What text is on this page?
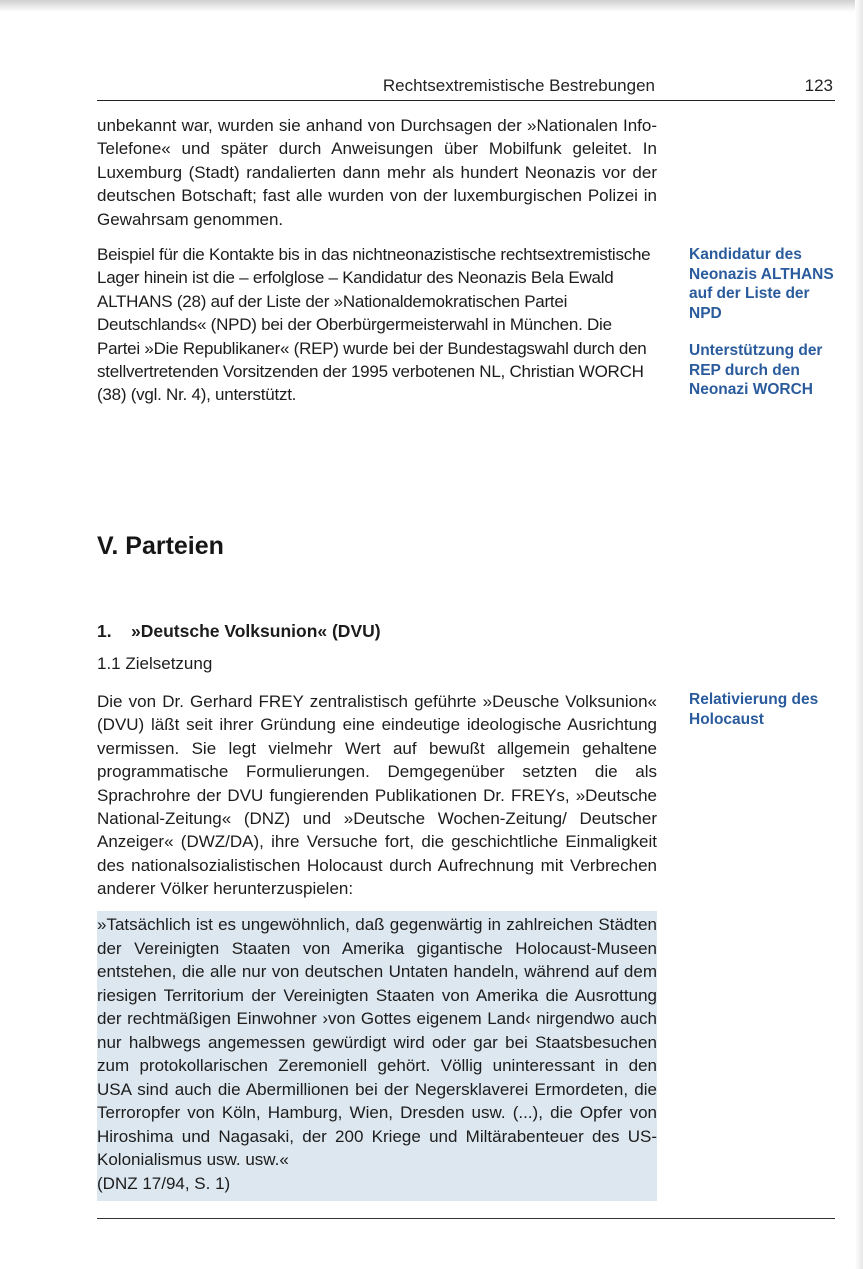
Rechtsextremistische Bestrebungen	123

unbekannt war, wurden sie anhand von Durchsagen der »Nationalen Info-Telefone« und später durch Anweisungen über Mobilfunk geleitet. In Luxemburg (Stadt) randalierten dann mehr als hundert Neonazis vor der deutschen Botschaft; fast alle wurden von der luxemburgischen Polizei in Gewahrsam genommen.

Beispiel für die Kontakte bis in das nichtneonazistische rechtsextremistische Lager hinein ist die – erfolglose – Kandidatur des Neonazis Bela Ewald ALTHANS (28) auf der Liste der »Nationaldemokratischen Partei Deutschlands« (NPD) bei der Oberbürgermeisterwahl in München. Die Partei »Die Republikaner« (REP) wurde bei der Bundestagswahl durch den stellvertretenden Vorsitzenden der 1995 verbotenen NL, Christian WORCH (38) (vgl. Nr. 4), unterstützt.

Kandidatur des Neonazis ALTHANS auf der Liste der NPD

Unterstützung der REP durch den Neonazi WORCH

V. Parteien
1. »Deutsche Volksunion« (DVU)

1.1 Zielsetzung

Die von Dr. Gerhard FREY zentralistisch geführte »Deusche Volksunion« (DVU) läßt seit ihrer Gründung eine eindeutige ideologische Ausrichtung vermissen. Sie legt vielmehr Wert auf bewußt allgemein gehaltene programmatische Formulierungen. Demgegenüber setzten die als Sprachrohre der DVU fungierenden Publikationen Dr. FREYs, »Deutsche National-Zeitung« (DNZ) und »Deutsche Wochen-Zeitung/ Deutscher Anzeiger« (DWZ/DA), ihre Versuche fort, die geschichtliche Einmaligkeit des nationalsozialistischen Holocaust durch Aufrechnung mit Verbrechen anderer Völker herunterzuspielen:

Relativierung des Holocaust

»Tatsächlich ist es ungewöhnlich, daß gegenwärtig in zahlreichen Städten der Vereinigten Staaten von Amerika gigantische Holocaust-Museen entstehen, die alle nur von deutschen Untaten handeln, während auf dem riesigen Territorium der Vereinigten Staaten von Amerika die Ausrottung der rechtmäßigen Einwohner ›von Gottes eigenem Land‹ nirgendwo auch nur halbwegs angemessen gewürdigt wird oder gar bei Staatsbesuchen zum protokollarischen Zeremoniell gehört. Völlig uninteressant in den USA sind auch die Abermillionen bei der Negersklaverei Ermordeten, die Terroropfer von Köln, Hamburg, Wien, Dresden usw. (...), die Opfer von Hiroshima und Nagasaki, der 200 Kriege und Miltärabenteuer des US-Kolonialismus usw. usw.«
(DNZ 17/94, S. 1)
